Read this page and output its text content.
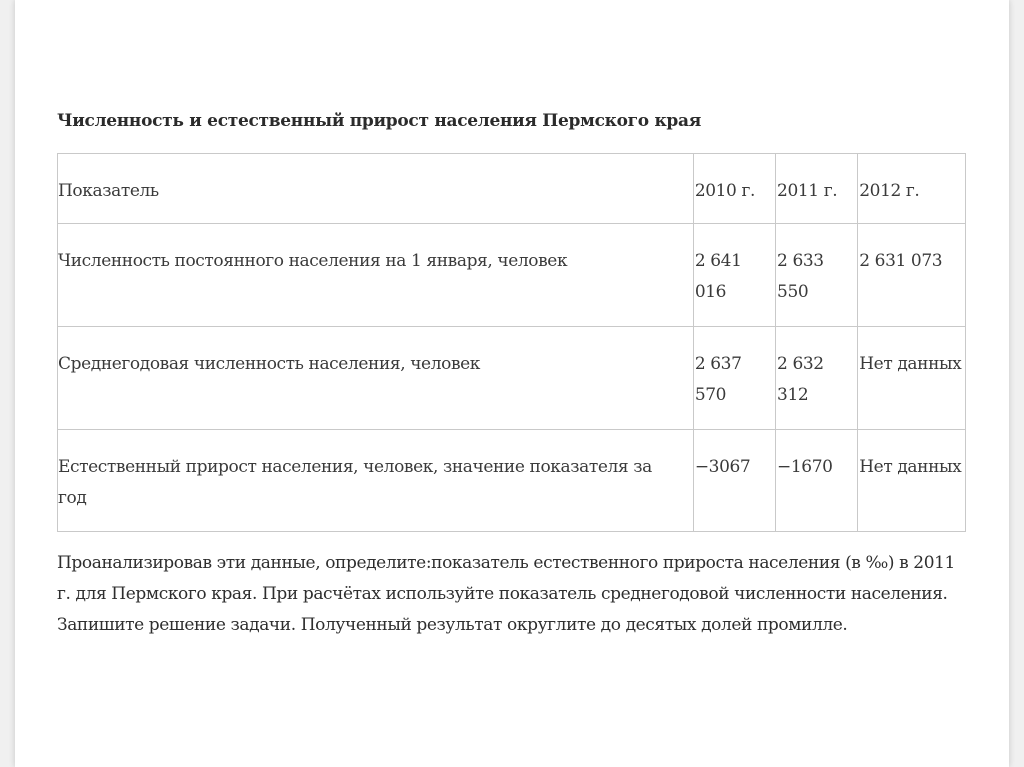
Численность и естественный прирост населения Пермского края
Показатель	2010 г.	2011 г.	2012 г.
Численность постоянного населения на 1 января, человек	2 641 016	2 633 550	2 631 073
Среднегодовая численность населения, человек	2 637 570	2 632 312	Нет данных
Естественный прирост населения, человек, значение показателя за год	−3067	−1670	Нет данных
Проанализировав эти данные, определите:показатель естественного прироста населения (в ‰) в 2011 г. для Пермского края. При расчётах используйте показатель среднегодовой численности населения. Запишите решение задачи. Полученный результат округлите до десятых долей промилле.
